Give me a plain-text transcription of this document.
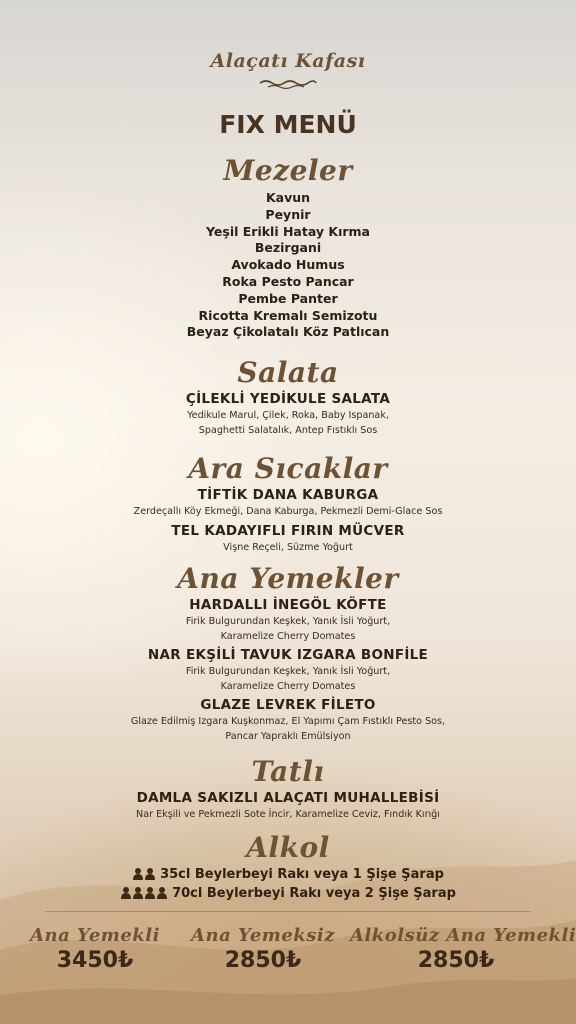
Alaçatı Kafası
FIX MENÜ
Mezeler
Kavun
Peynir
Yeşil Erikli Hatay Kırma
Bezirgani
Avokado Humus
Roka Pesto Pancar
Pembe Panter
Ricotta Kremalı Semizotu
Beyaz Çikolatalı Köz Patlıcan
Salata
ÇİLEKLİ YEDİKULE SALATA
Yedikule Marul, Çilek, Roka, Baby Ispanak,
Spaghetti Salatalık, Antep Fıstıklı Sos
Ara Sıcaklar
TİFTİK DANA KABURGA
Zerdeçallı Köy Ekmeği, Dana Kaburga, Pekmezli Demi-Glace Sos
TEL KADAYIFLI FIRIN MÜCVER
Vişne Reçeli, Süzme Yoğurt
Ana Yemekler
HARDALLI İNEGÖL KÖFTE
Firik Bulgurundan Keşkek, Yanık İsli Yoğurt,
Karamelize Cherry Domates
NAR EKŞİLİ TAVUK IZGARA BONFİLE
Firik Bulgurundan Keşkek, Yanık İsli Yoğurt,
Karamelize Cherry Domates
GLAZE LEVREK FİLETO
Glaze Edilmiş Izgara Kuşkonmaz, El Yapımı Çam Fıstıklı Pesto Sos,
Pancar Yapraklı Emülsiyon
Tatlı
DAMLA SAKIZLI ALAÇATI MUHALLEBİSİ
Nar Ekşili ve Pekmezli Sote İncir, Karamelize Ceviz, Fındık Kırığı
Alkol
35cl Beylerbeyi Rakı veya 1 Şişe Şarap
70cl Beylerbeyi Rakı veya 2 Şişe Şarap
Ana Yemekli
3450₺
Ana Yemeksiz
2850₺
Alkolsüz Ana Yemekli
2850₺
